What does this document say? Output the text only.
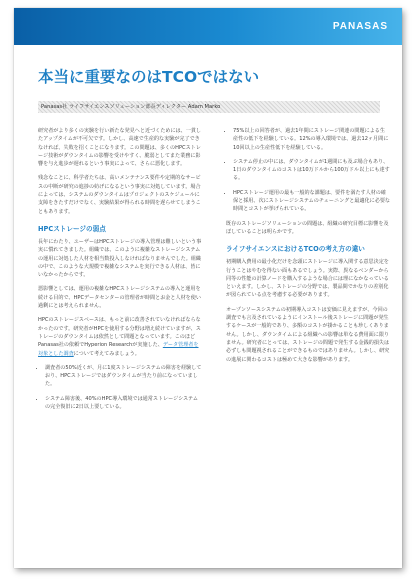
PANASAS
本当に重要なのはTCOではない
Panasas社 ライフサイエンスソリューション部長ディレクター Adam Marko

研究者がより多くの実験を行い新たな発見へと近づくためには、一貫したアップタイムが不可欠です。しかし、高速で生産的な実験が完了できなければ、失敗を招くことになります。この問題は、多くのHPCストレージ技術がダウンタイムの影響を受けやすく、脆弱としてまた業務に影響を与え進歩が遅れるという事実によって、さらに悪化します。

残念なことに、科学者たちは、高いメンテナンス要件や定期的なサービスの中断が研究の進捗の妨げになるという事実に対処しています。場合によっては、システムのダウンタイムはプロジェクトのスケジュールに支障をきたすだけでなく、実験結果が得られる時間を遅らせてしまうこともあります。

HPCストレージの弱点

長年にわたり、ユーザーはHPCストレージの導入管理は難しいという事実に慣れてきました。組織では、このように複雑なストレージシステムの運用に対処した人材を相当数投入しなければなりませんでした。組織の中で、このような大規模で複雑なシステムを実行できる人材は、皆にいなかったからです。

悪影響としては、運用の複雑なHPCストレージシステムの導入と運用を続ける目的で、HPCデータセンターの管理者が時間とお金と人材を使い過剰にとは考えられません。

HPCのストレージスペースは、もっと前に改善されていなければならなかったのです。研究者がHPCを使用する分野は増え続けていますが、ストレージのダウンタイムは依然として問題となっています。このほどPanasas社の依頼でHyperion Researchが実施した、データ管理者を対象とした調査について考えてみましょう。

• 調査者の50%近くが、月に1度ストレージシステムの障害を経験しており、HPCストレージではダウンタイムが当たり前になっていました。
• システム障害後、40%のHPC導入環境では通常ストレージシステムの完全復旧に2日以上要している。
• 75%以上の回答者が、過去1年間にストレージ関連の問題による生産性の低下を経験している。12%の導入環境では、過去12ヶ月間に10回以上の生産性低下を経験している。
• システム停止の中には、ダウンタイムが1週間にも及ぶ場合もあり、1日のダウンタイムのコストは10万ドルから100万ドル以上にも達する。
• HPCストレージ運用の最も一般的な課題は、要件を満たす人材の確保と採用、次にストレージシステムのチューニングと最適化に必要な時間とコストが挙げられている。

既存のストレージソリューションの問題は、組織の研究目標に影響を及ぼしていることは明らかです。

ライフサイエンスにおけるTCOの考え方の違い

初期購入費用の最小化だけを念頭にストレージに導入関する意思決定を行うことはやむを得ない面もあるでしょう。実際、異なるベンダーから同等の性能の計算ノードを購入するような場合には理になかなっているといえます。しかし、ストレージの分野では、製品間でかなりの差別化が図られている点を考慮する必要があります。

オープンソースシステムの初期導入コストは安価に見えますが、今回の調査でも言及されているようにインストール後ストレージに問題が発生するケースが一般的であり、多額のコストが掛かることも珍しくありません。しかし、ダウンタイムによる組織への影響は単なる費用面に限りません。研究者にとっては、ストレージの問題で発生する金銭的損失は必ずしも問題視されることができるものではありません。しかし、研究の進展に関わるコストは極めて大きな影響があります。
